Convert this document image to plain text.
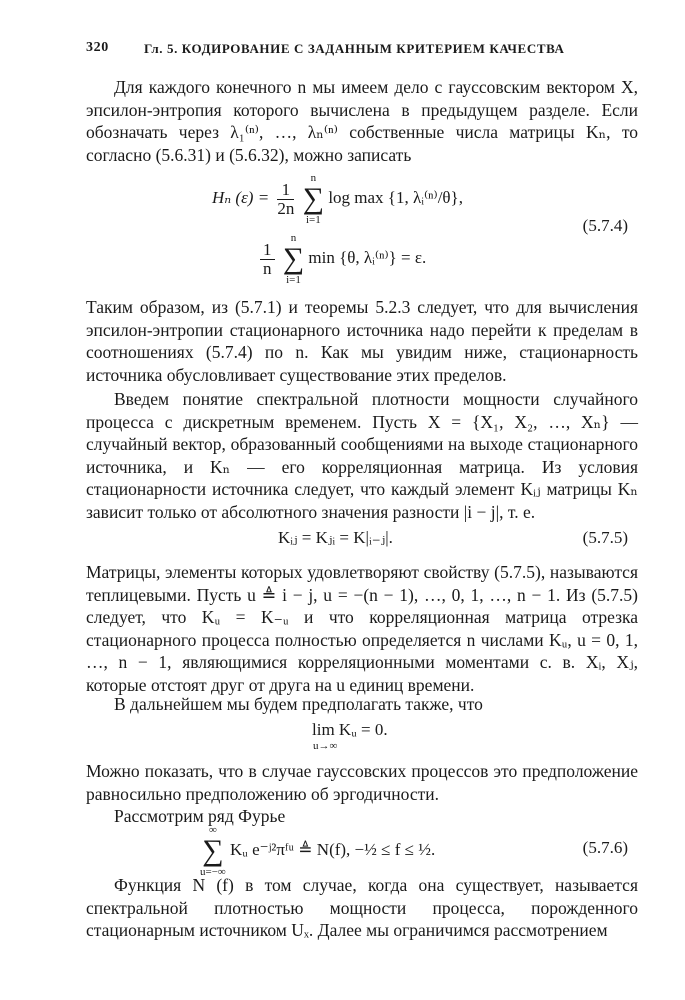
320	Гл. 5. КОДИРОВАНИЕ С ЗАДАННЫМ КРИТЕРИЕМ КАЧЕСТВА
Для каждого конечного n мы имеем дело с гауссовским вектором X, эпсилон-энтропия которого вычислена в предыдущем разделе. Если обозначать через λ₁⁽ⁿ⁾, …, λₙ⁽ⁿ⁾ собственные числа матрицы Kₙ, то согласно (5.6.31) и (5.6.32), можно записать
Hₙ $(\varepsilon) = \frac{1}{2n}$

n
∑
i=1
log max {1, λᵢ⁽ⁿ⁾/θ},
(5.7.4)
$\frac{1}{n}$

n
∑
i=1
min {θ, λᵢ⁽ⁿ⁾} = ε.
Таким образом, из (5.7.1) и теоремы 5.2.3 следует, что для вычисления эпсилон-энтропии стационарного источника надо перейти к пределам в соотношениях (5.7.4) по n. Как мы увидим ниже, стационарность источника обусловливает существование этих пределов.
Введем понятие спектральной плотности мощности случайного процесса с дискретным временем. Пусть X = {X₁, X₂, …, Xₙ} — случайный вектор, образованный сообщениями на выходе стационарного источника, и Kₙ — его корреляционная матрица. Из условия стационарности источника следует, что каждый элемент Kᵢⱼ матрицы Kₙ зависит только от абсолютного значения разности |i − j|, т. е.
Kᵢⱼ = Kⱼᵢ = K|ᵢ₋ⱼ|.	(5.7.5)
Матрицы, элементы которых удовлетворяют свойству (5.7.5), называются теплицевыми. Пусть u ≜ i − j, u = −(n − 1), …, 0, 1, …, n − 1. Из (5.7.5) следует, что Kᵤ = K₋ᵤ и что корреляционная матрица отрезка стационарного процесса полностью определяется n числами Kᵤ, u = 0, 1, …, n − 1, являющимися корреляционными моментами с. в. Xᵢ, Xⱼ, которые отстоят друг от друга на u единиц времени.
В дальнейшем мы будем предполагать также, что
lim Kᵤ = 0.
u→∞
Можно показать, что в случае гауссовских процессов это предположение равносильно предположению об эргодичности.
Рассмотрим ряд Фурье
∞
∑
u=−∞
Kᵤ e⁻ʲ²πᶠᵘ ≜ N(f), −½ ≤ f ≤ ½.	(5.7.6)
Функция N (f) в том случае, когда она существует, называется спектральной плотностью мощности процесса, порожденного стационарным источником Uₓ. Далее мы ограничимся рассмотрением
